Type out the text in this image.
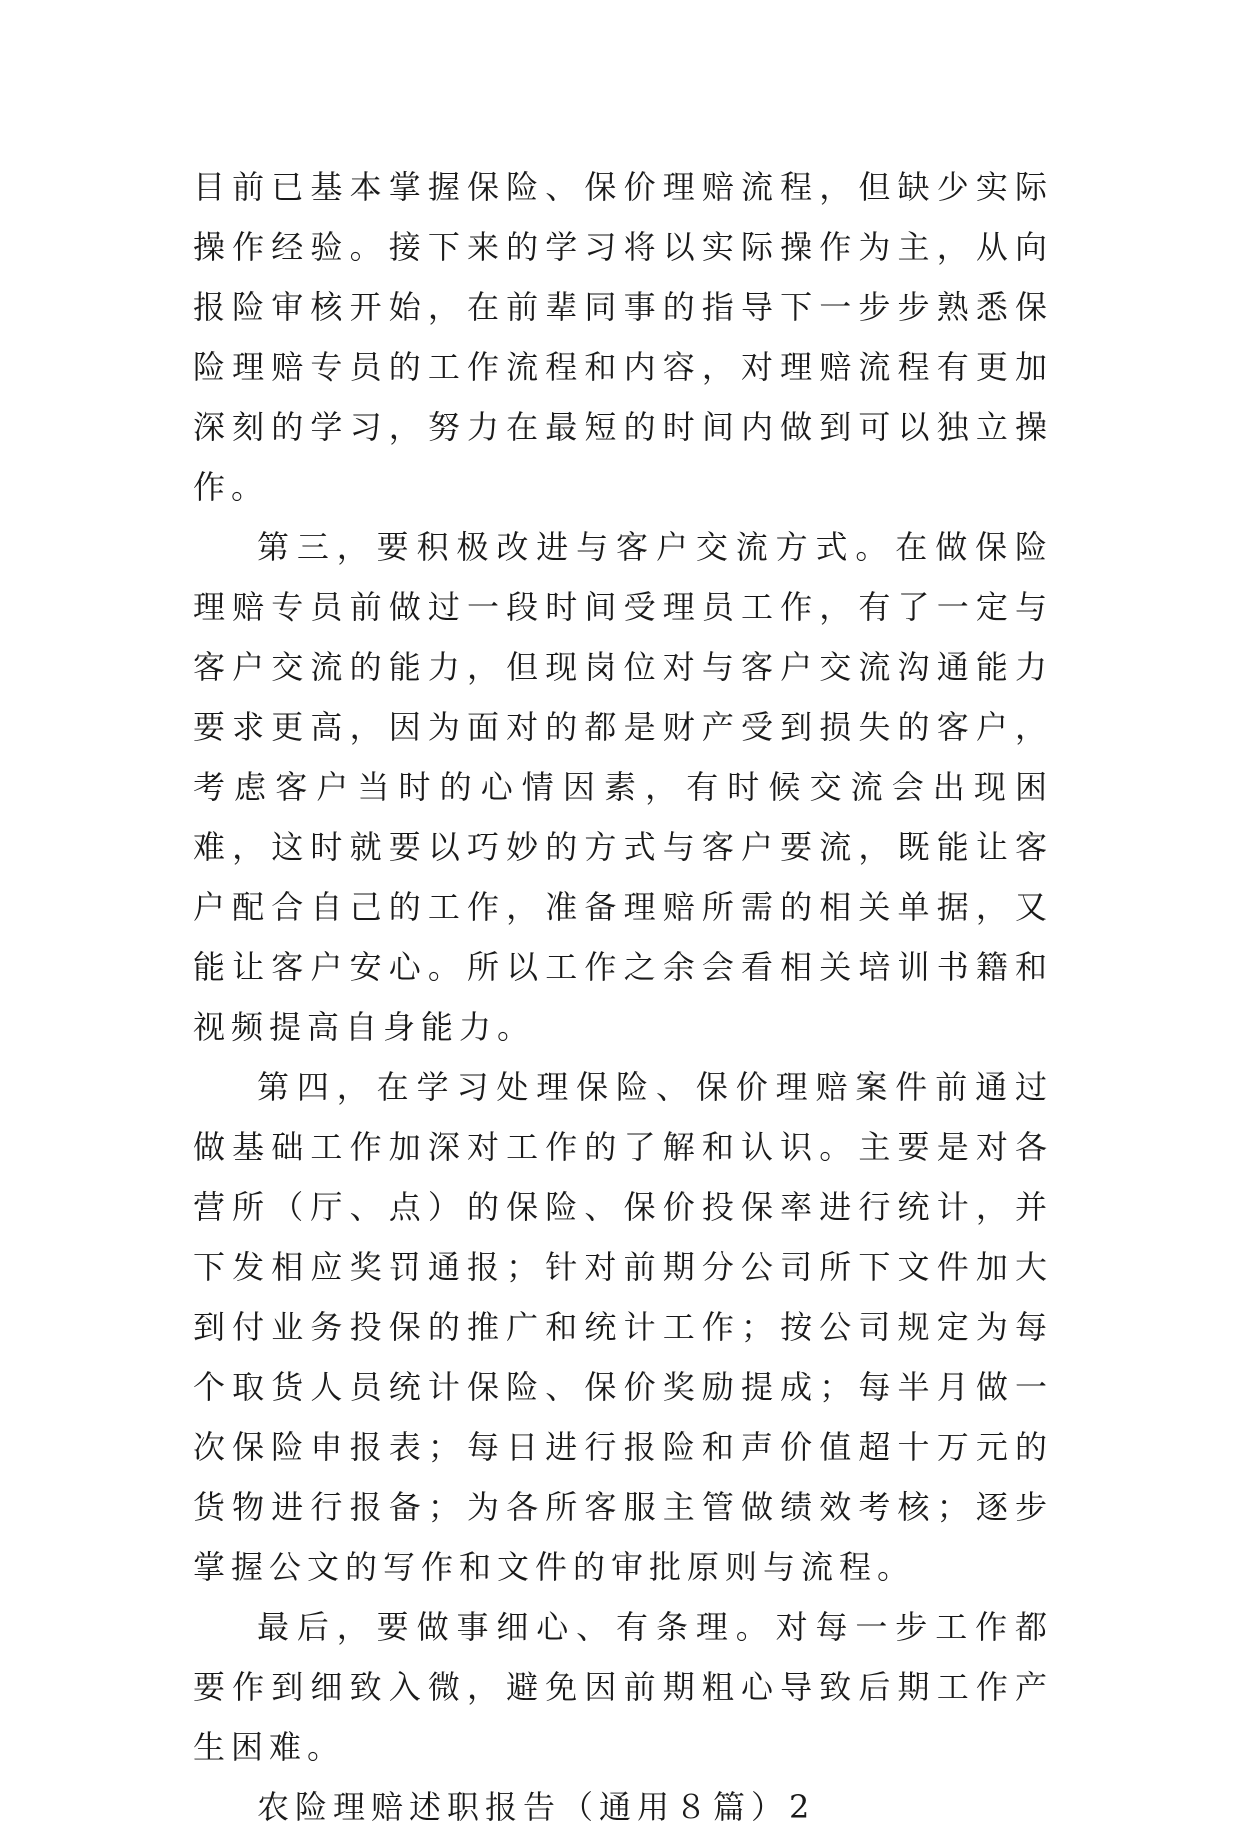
目前已基本掌握保险、保价理赔流程，但缺少实际操作经验。接下来的学习将以实际操作为主，从向报险审核开始，在前辈同事的指导下一步步熟悉保险理赔专员的工作流程和内容，对理赔流程有更加深刻的学习，努力在最短的时间内做到可以独立操作。

第三，要积极改进与客户交流方式。在做保险理赔专员前做过一段时间受理员工作，有了一定与客户交流的能力，但现岗位对与客户交流沟通能力要求更高，因为面对的都是财产受到损失的客户，考虑客户当时的心情因素，有时候交流会出现困难，这时就要以巧妙的方式与客户要流，既能让客户配合自己的工作，准备理赔所需的相关单据，又能让客户安心。所以工作之余会看相关培训书籍和视频提高自身能力。

第四，在学习处理保险、保价理赔案件前通过做基础工作加深对工作的了解和认识。主要是对各营所（厅、点）的保险、保价投保率进行统计，并下发相应奖罚通报；针对前期分公司所下文件加大到付业务投保的推广和统计工作；按公司规定为每个取货人员统计保险、保价奖励提成；每半月做一次保险申报表；每日进行报险和声价值超十万元的货物进行报备；为各所客服主管做绩效考核；逐步掌握公文的写作和文件的审批原则与流程。

最后，要做事细心、有条理。对每一步工作都要作到细致入微，避免因前期粗心导致后期工作产生困难。

农险理赔述职报告（通用８篇）2
